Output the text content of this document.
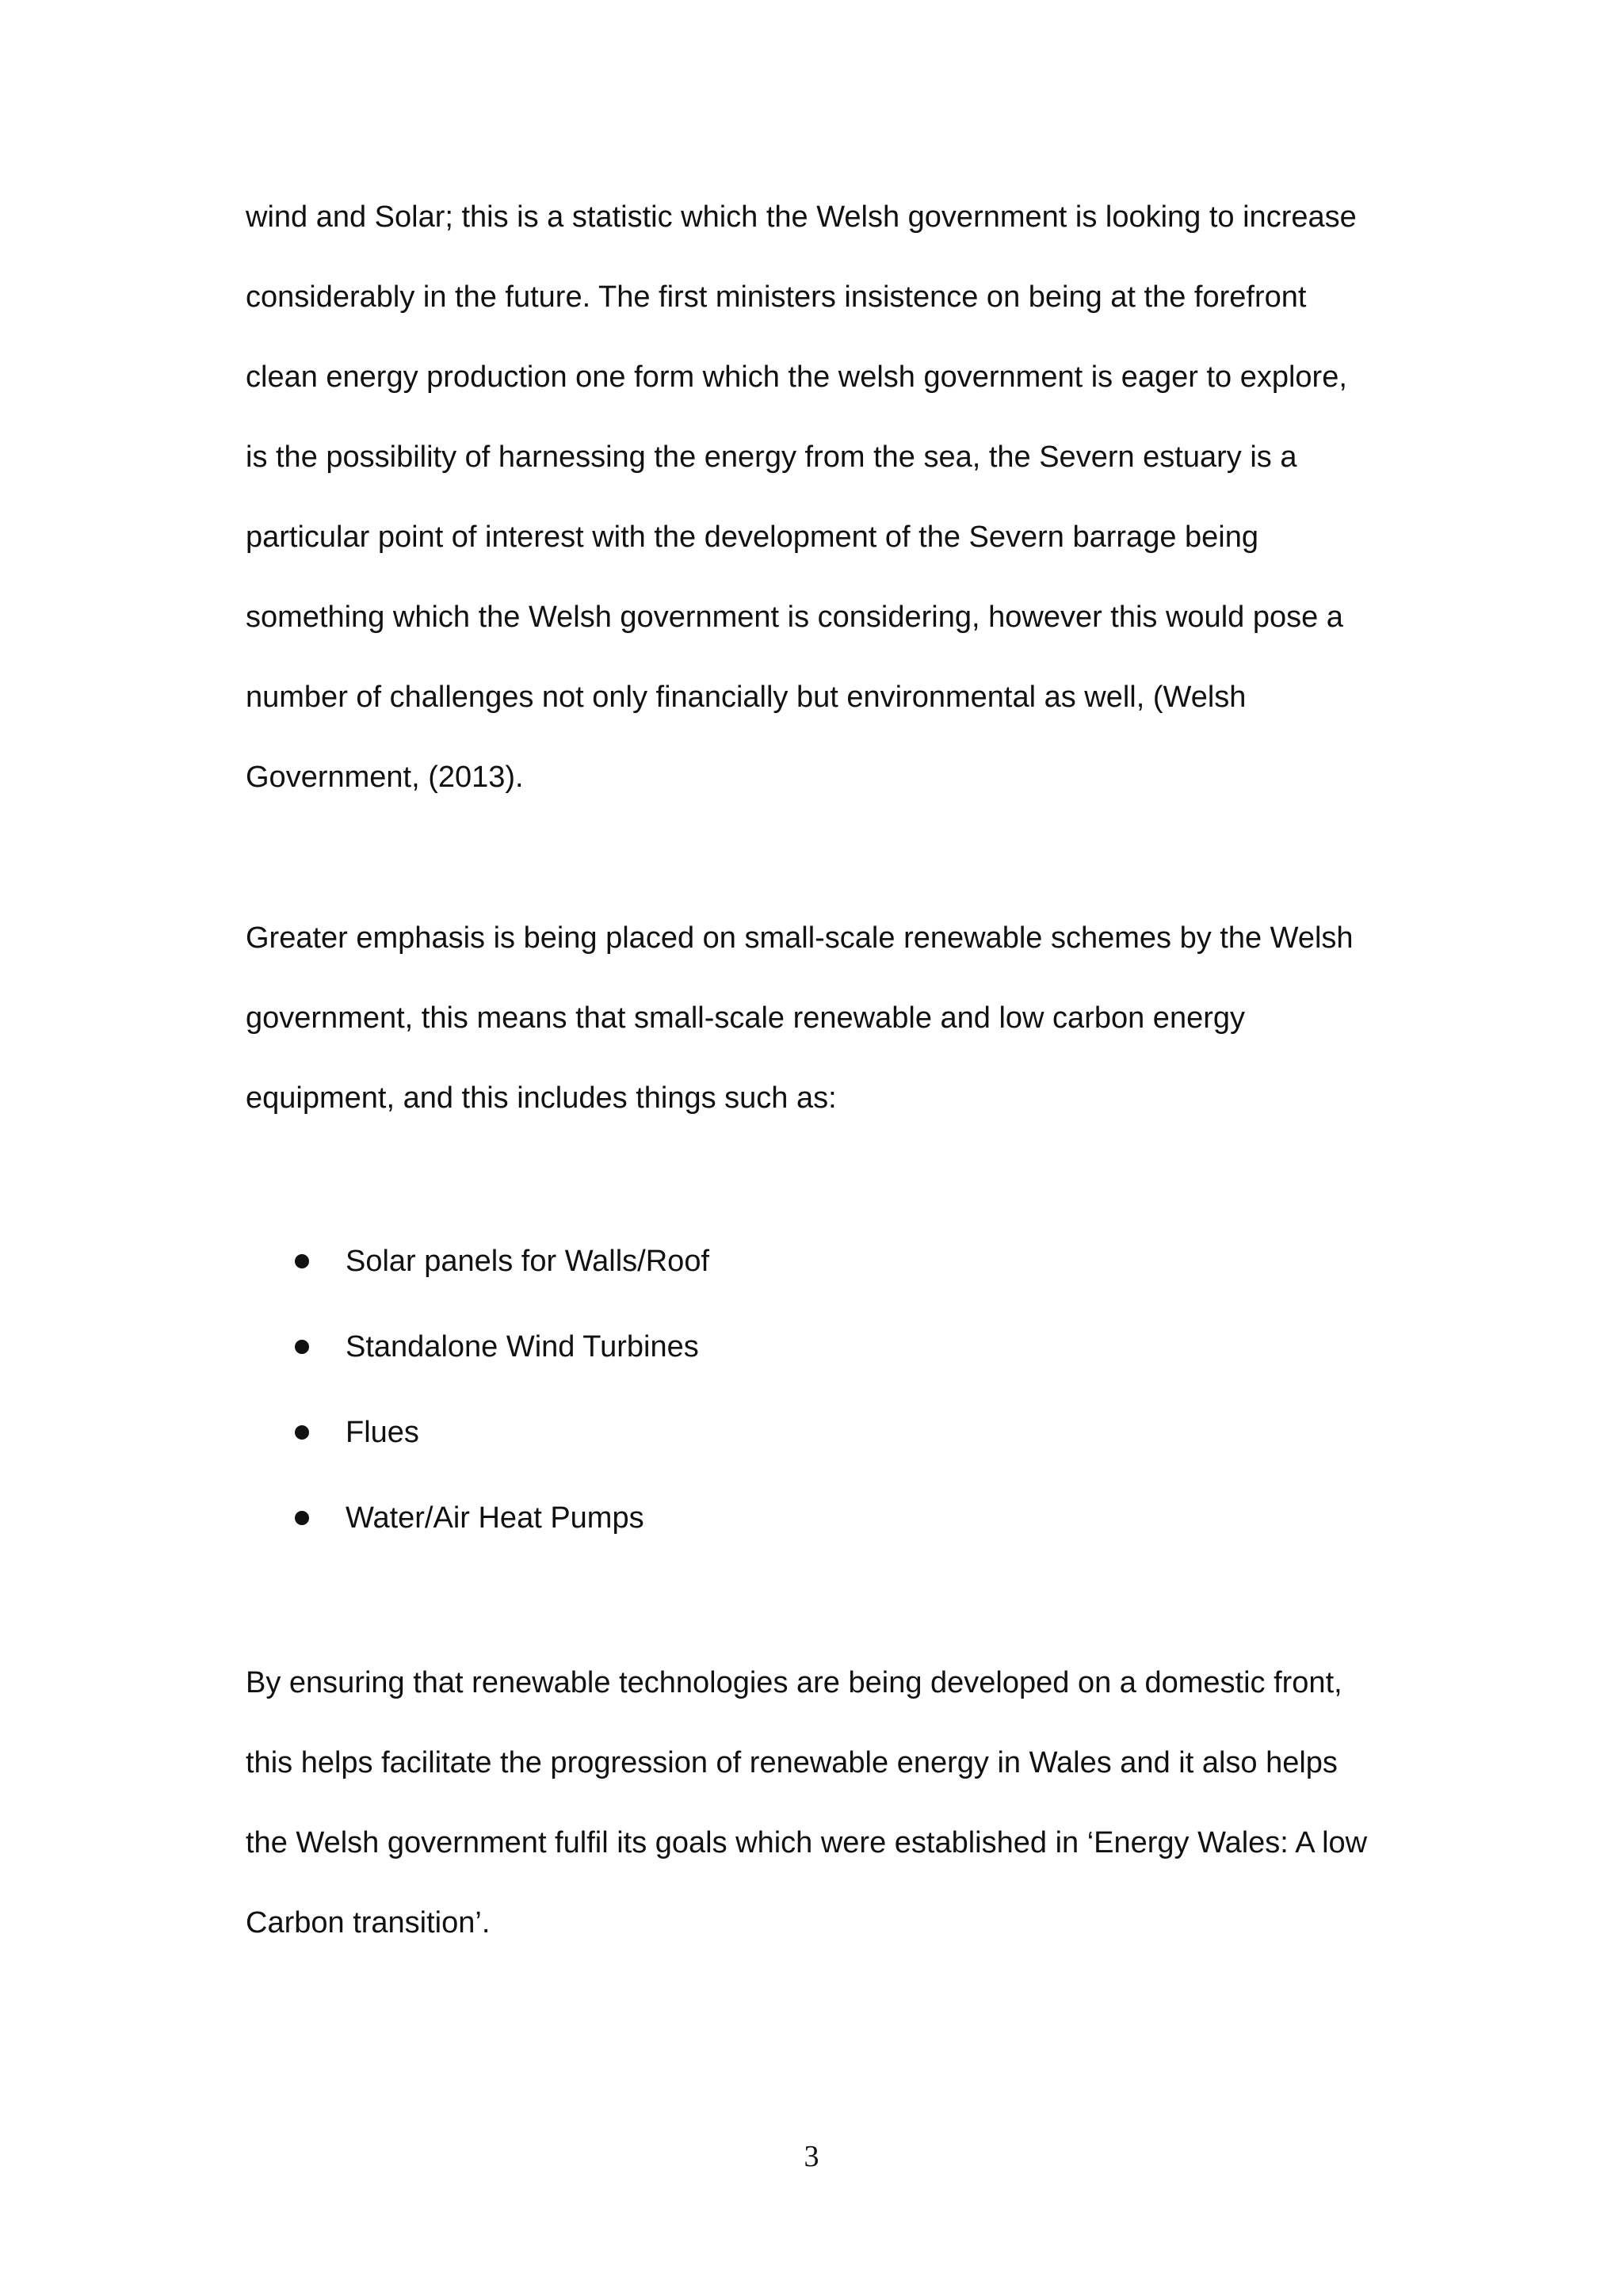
wind and Solar; this is a statistic which the Welsh government is looking to increase
considerably in the future. The first ministers insistence on being at the forefront
clean energy production one form which the welsh government is eager to explore,
is the possibility of harnessing the energy from the sea, the Severn estuary is a
particular point of interest with the development of the Severn barrage being
something which the Welsh government is considering, however this would pose a
number of challenges not only financially but environmental as well, (Welsh
Government, (2013).
Greater emphasis is being placed on small-scale renewable schemes by the Welsh
government, this means that small-scale renewable and low carbon energy
equipment, and this includes things such as:
Solar panels for Walls/Roof
Standalone Wind Turbines
Flues
Water/Air Heat Pumps
By ensuring that renewable technologies are being developed on a domestic front,
this helps facilitate the progression of renewable energy in Wales and it also helps
the Welsh government fulfil its goals which were established in ‘Energy Wales: A low
Carbon transition’.
3
